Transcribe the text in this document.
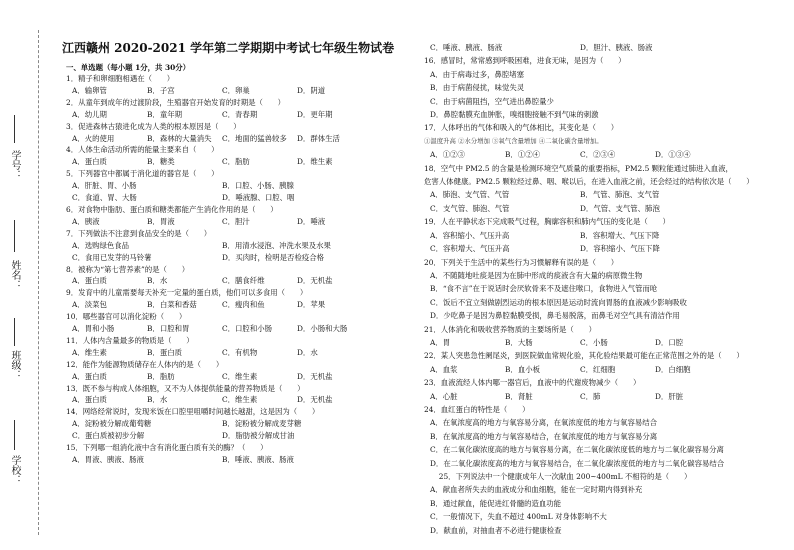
学号：
姓名：
班级：
学校：
江西赣州 2020-2021 学年第二学期期中考试七年级生物试卷
一、单选题（每小题 1分，共 30分）
1．精子和卵细胞相遇在（　　）
A．输卵管	B．子宫	C．卵巢	D．阴道
2．从童年到成年的过渡阶段，生殖器官开始发育的时期是（　　）
A．幼儿期	B．童年期	C．青春期	D．更年期
3．促进森林古猿进化成为人类的根本原因是（　　）
A．火的使用	B．森林的大量消失	C．地面的猛兽较多	D．群体生活
4．人体生命活动所需的能量主要来自（　　）
A．蛋白质	B．糖类	C．脂肪	D．维生素
5．下列器官中都属于消化道的器官是（　　）
A．肝脏、胃、小肠	B．口腔、小肠、胰腺
C．食道、胃、大肠	D．唾液腺、口腔、咽
6．对食物中脂肪、蛋白质和糖类都能产生消化作用的是（　　）
A．胰液	B．胃液	C．胆汁	D．唾液
7．下列做法不注意到食品安全的是（　　）
A．选购绿色食品	B．用清水浸泡、冲洗水果及水果
C．食用已发芽的马铃薯	D．买肉时，检明是否检疫合格
8．被称为“第七营养素”的是（　　）
A．蛋白质	B．水	C．膳食纤维	D．无机盐
9．发育中的儿童需要每天补充一定量的蛋白质，他们可以多食用（　　）
A．淡菜包	B．白菜和香菇	C．瘦肉和鱼	D．苹果
10．哪些器官可以消化淀粉（　　）
A．胃和小肠	B．口腔和胃	C．口腔和小肠	D．小肠和大肠
11．人体内含量最多的物质是（　　）
A．维生素	B．蛋白质	C．有机物	D．水
12．能作为能源物质储存在人体内的是（　　）
A．蛋白质	B．脂肪	C．维生素	D．无机盐
13．既不参与构成人体细胞，又不为人体提供能量的营养物质是（　　）
A．蛋白质	B．水	C．维生素	D．无机盐
14．网络经常说时，发现米饭在口腔里咀嚼时间越长越甜，这是因为（　　）
A．淀粉被分解成葡萄糖	B．淀粉被分解成麦芽糖
C．蛋白质被初步分解	D．脂肪被分解成甘油
15．下列哪一组消化液中含有消化蛋白质有关的酶？（　　）
A．胃液、胰液、肠液	B．唾液、胰液、肠液
C．唾液、胰液、肠液	D．胆汁、胰液、肠液
16．感冒时，常常感到呼吸困难，进食无味，是因为（　　）
A．由于病毒过多，鼻腔堵塞
B．由于病菌侵扰，味觉失灵
C．由于病菌阻挡，空气进出鼻腔量少
D．鼻腔黏膜充血肿胀，嗅细胞接触不到气味的刺激
17．人体呼出的气体和吸入的气体相比，其变化是（　　）
①温度升高 ②水分增加 ③氧气含量增加 ④二氧化碳含量增加。
A．①②③	B．①②④	C．②③④	D．①③④
18．空气中 PM2.5 的含量是检测环境空气质量的重要指标，PM2.5 颗粒能通过肺进入血液，
危害人体健康。PM2.5 颗粒经过鼻、咽、喉以后，在进入血液之前，还会经过的结构依次是（　　）
A．肺泡、支气管、气管	B．气管、肺泡、支气管
C．支气管、肺泡、气管	D．气管、支气管、肺泡
19．人在平静状态下完成吸气过程，胸廓容积和肺内气压的变化是（　　）
A．容积缩小、气压升高	B．容积增大、气压下降
C．容积增大、气压升高	D．容积缩小、气压下降
20．下列关于生活中的某些行为习惯解释有误的是（　　）
A．不随随地吐痰是因为在肺中形成的痰液含有大量的病原微生物
B．“食不言”在于说话时会厌软骨来不及遮住喉口，食物进入气管而呛
C．饭后不宜立刻做剧烈运动的根本原因是运动时流向胃肠的血液减少影响吸收
D．少吃鼻子是因为鼻腔黏膜受损，鼻毛易脱落，而鼻毛对空气具有清洁作用
21．人体消化和吸收营养物质的主要场所是（　　）
A．胃	B．大肠	C．小肠	D．口腔
22．某人突患急性阑尾炎，到医院做血常规化验，其化验结果最可能在正常范围之外的是（　　）
A．血浆	B．血小板	C．红细胞	D．白细胞
23．血液流经人体内哪一器官后，血液中的代谢废物减少（　　）
A．心脏	B．肾脏	C．肺	D．肝脏
24．血红蛋白的特性是（　　）
A．在氧浓度高的地方与氧容易分离，在氧浓度低的地方与氧容易结合
B．在氧浓度高的地方与氧容易结合，在氧浓度低的地方与氧容易分离
C．在二氧化碳浓度高的地方与氧容易分离，在二氧化碳浓度低的地方与二氧化碳容易分离
D．在二氧化碳浓度高的地方与氧容易结合，在二氧化碳浓度低的地方与二氧化碳容易结合
　　25．下列说法中一个健康成年人一次献血 200~400mL 不相符的是（　　）
A．献血者所失去的血液成分和血细胞，能在一定时期内得到补充
B．通过献血，能促进红骨髓的造血功能
C．一般情况下，失血不超过 400mL 对身体影响不大
D．献血前，对抽血者不必进行健康检查
